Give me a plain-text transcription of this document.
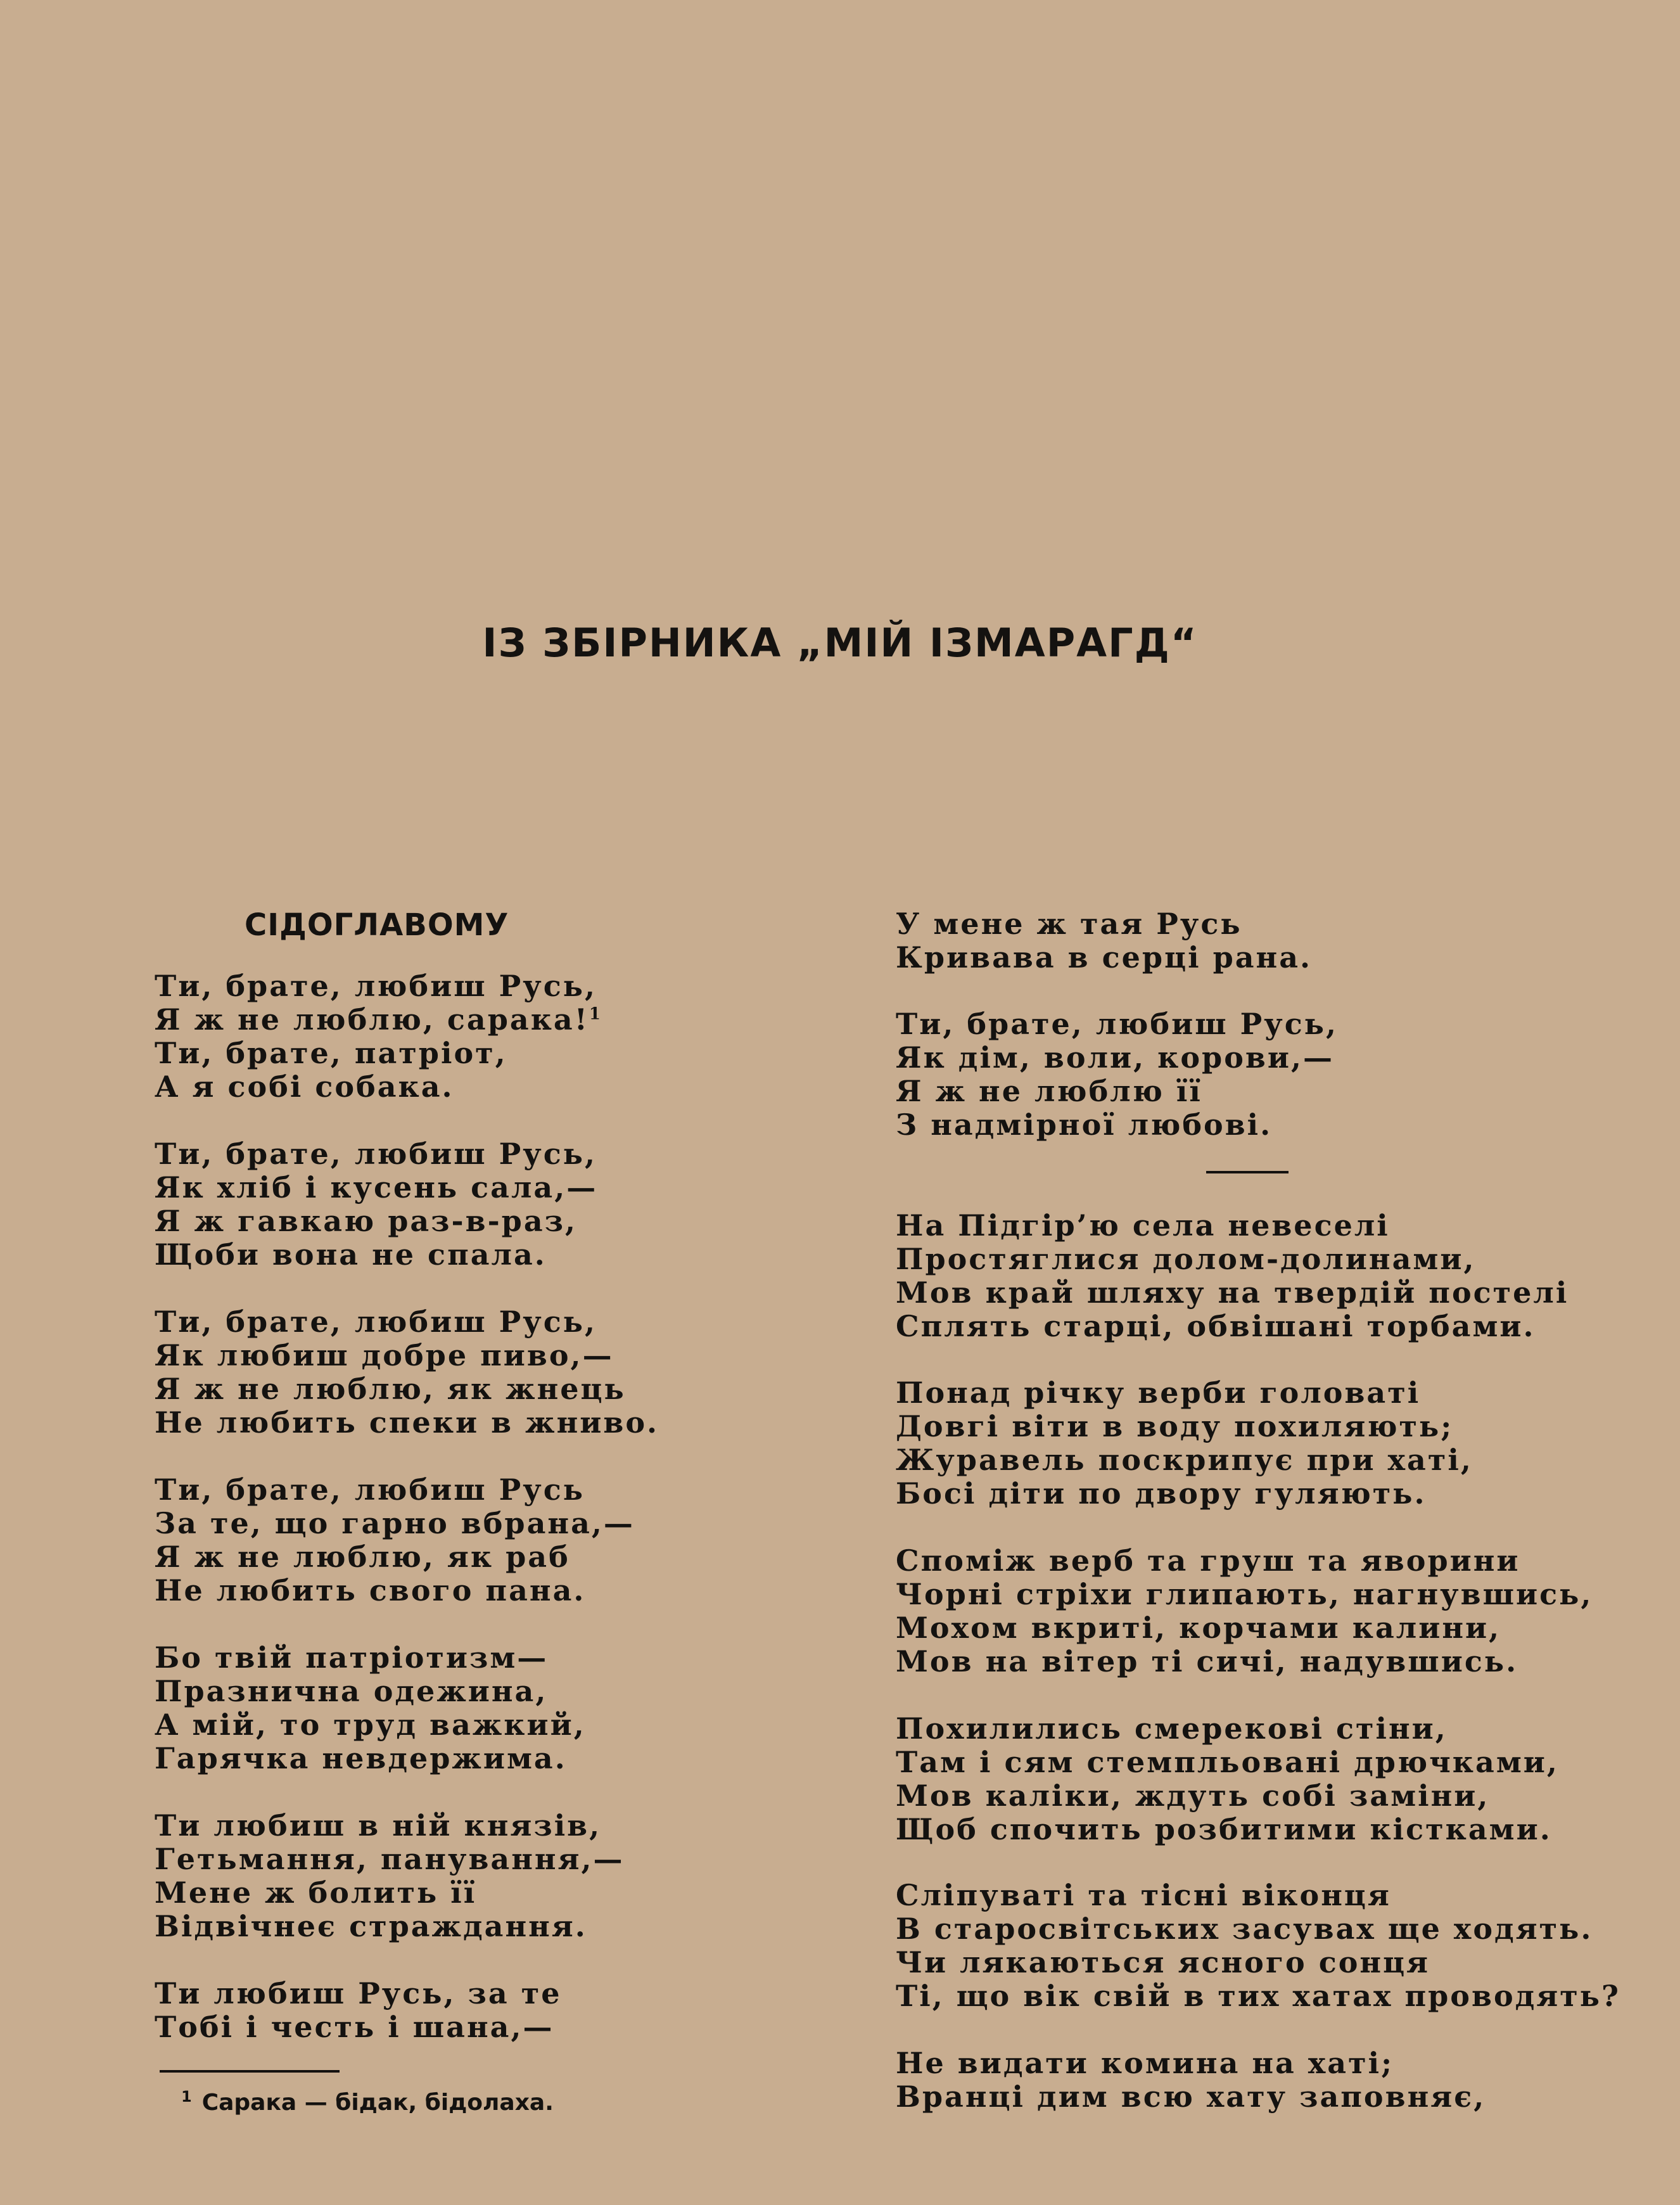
ІЗ ЗБІРНИКА „МІЙ ІЗМАРАГД“
СІДОГЛАВОМУ
Ти, брате, любиш Русь,
Я ж не люблю, сарака!$^1$
Ти, брате, патріот,
А я собі собака.
Ти, брате, любиш Русь,
Як хліб і кусень сала,—
Я ж гавкаю раз-в-раз,
Щоби вона не спала.
Ти, брате, любиш Русь,
Як любиш добре пиво,—
Я ж не люблю, як жнець
Не любить спеки в жниво.
Ти, брате, любиш Русь
За те, що гарно вбрана,—
Я ж не люблю, як раб
Не любить свого пана.
Бо твій патріотизм—
Празнична одежина,
А мій, то труд важкий,
Гарячка невдержима.
Ти любиш в ній князів,
Гетьмання, панування,—
Мене ж болить її
Відвічнеє страждання.
Ти любиш Русь, за те
Тобі і честь і шана,—
$^1$ Сарака — бідак, бідолаха.
У мене ж тая Русь
Кривава в серці рана.
Ти, брате, любиш Русь,
Як дім, воли, корови,—
Я ж не люблю її
З надмірної любові.
На Підгір’ю села невеселі
Простяглися долом-долинами,
Мов край шляху на твердій постелі
Сплять старці, обвішані торбами.
Понад річку верби головаті
Довгі віти в воду похиляють;
Журавель поскрипує при хаті,
Босі діти по двору гуляють.
Споміж верб та груш та яворини
Чорні стріхи глипають, нагнувшись,
Мохом вкриті, корчами калини,
Мов на вітер ті сичі, надувшись.
Похилились смерекові стіни,
Там і сям стемпльовані дрючками,
Мов каліки, ждуть собі заміни,
Щоб спочить розбитими кістками.
Сліпуваті та тісні віконця
В старосвітських засувах ще ходять.
Чи лякаються ясного сонця
Ті, що вік свій в тих хатах проводять?
Не видати комина на хаті;
Вранці дим всю хату заповняє,
